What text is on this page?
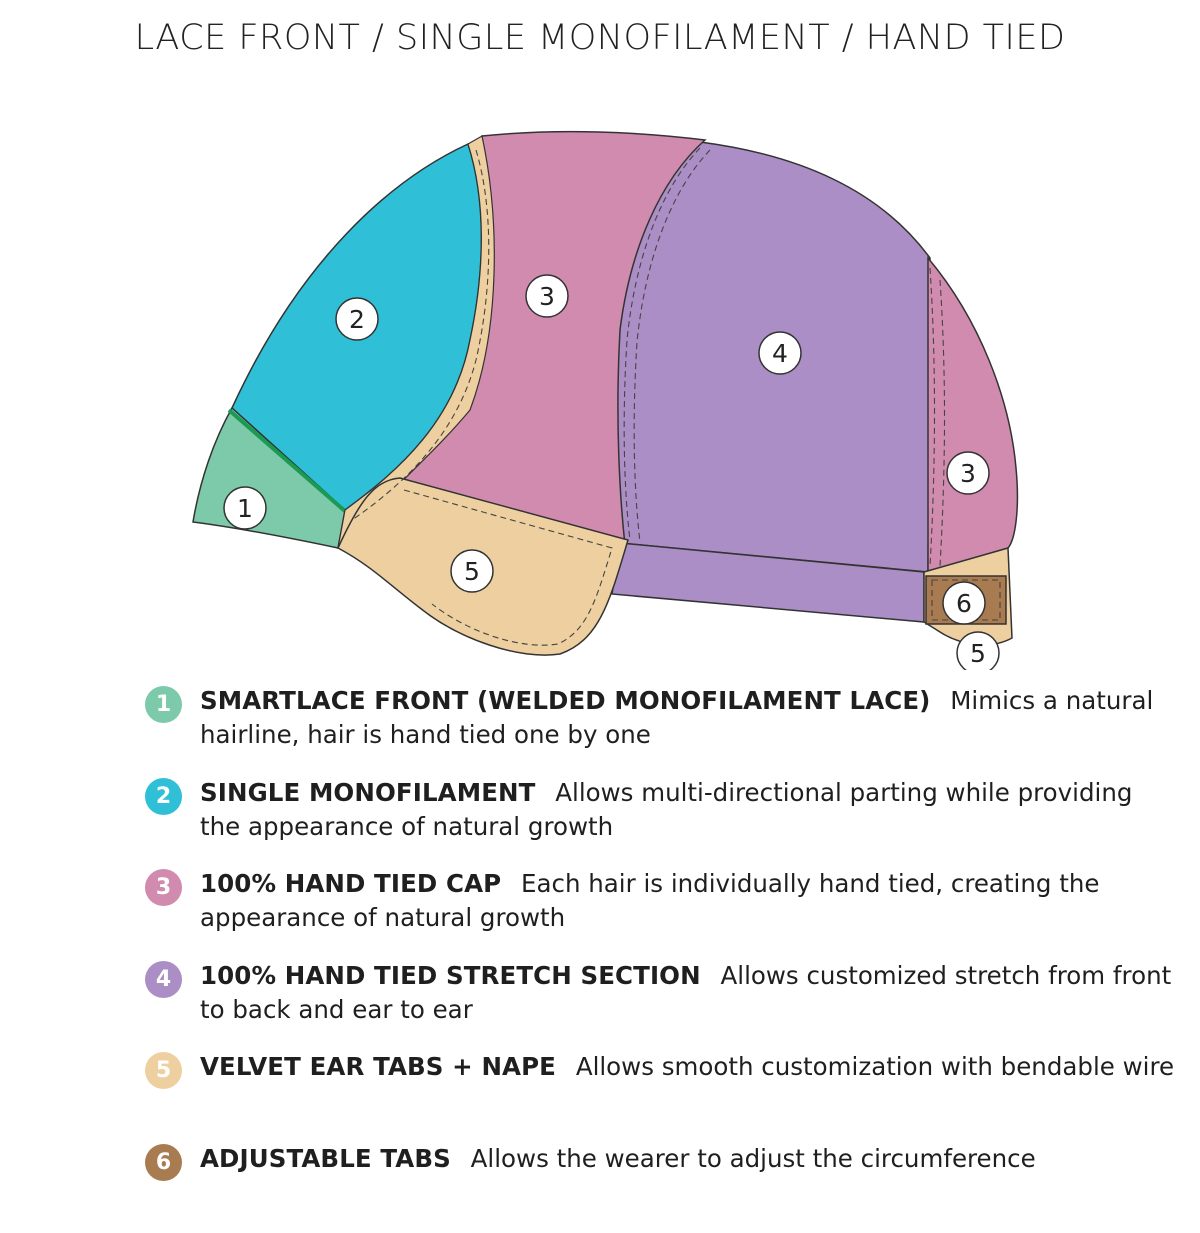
LACE FRONT / SINGLE MONOFILAMENT / HAND TIED
1
2
3
4
3
5
6
5
1	SMARTLACE FRONT (WELDED MONOFILAMENT LACE) Mimics a natural hairline, hair is hand tied one by one
2	SINGLE MONOFILAMENT Allows multi-directional parting while providing the appearance of natural growth
3	100% HAND TIED CAP Each hair is individually hand tied, creating the appearance of natural growth
4	100% HAND TIED STRETCH SECTION Allows customized stretch from front to back and ear to ear
5	VELVET EAR TABS + NAPE Allows smooth customization with bendable wire
6	ADJUSTABLE TABS Allows the wearer to adjust the circumference
